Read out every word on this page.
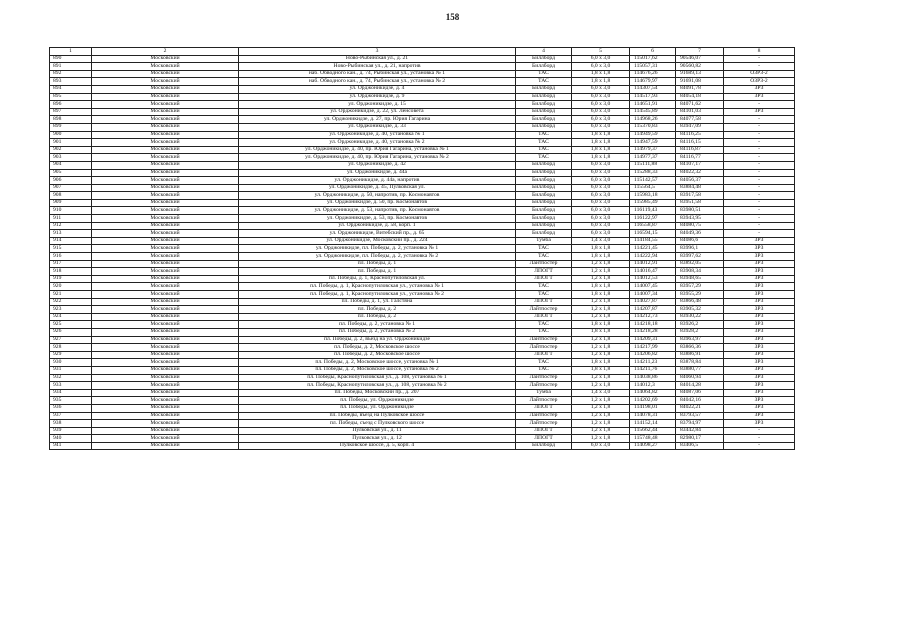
158
1	2	3	4	5	6	7	8
890	Московский	Ново-Рыбинская ул., д. 21	Биллборд	6,0 х 3,0	115017,62	90546,07	-
891	Московский	Ново-Рыбинская ул., д. 21, напротив	Биллборд	6,0 х 3,0	115057,31	90560,82	-
892	Московский	наб. Обводного кан., д. 74, Рыбинская ул., установка № 1	ТАС	1,8 х 1,8	114676,26	91689,13	ОЗРЗ-2
893	Московский	наб. Обводного кан., д. 74, Рыбинская ул., установка № 2	ТАС	1,8 х 1,8	114679,97	91691,08	ОЗРЗ-2
894	Московский	ул. Орджоникидзе, д. 4	Биллборд	6,0 х 3,0	114307,54	84091,78	ЗРЗ
895	Московский	ул. Орджоникидзе, д. 9	Биллборд	6,0 х 3,0	114517,93	84054,18	ЗРЗ
896	Московский	ул. Орджоникидзе, д. 15	Биллборд	6,0 х 3,0	114651,91	84071,62	-
897	Московский	ул. Орджоникидзе, д. 22, ул. Ленсовета	Биллборд	6,0 х 3,0	114545,89	84101,03	ЗРЗ
898	Московский	ул. Орджоникидзе, д. 27, пр. Юрия Гагарина	Биллборд	6,0 х 3,0	114968,26	84077,58	-
899	Московский	ул. Орджоникидзе, д. 33	Биллборд	6,0 х 3,0	115370,83	83947,09	-
900	Московский	ул. Орджоникидзе, д. 40, установка № 1	ТАС	1,8 х 1,8	114949,59	84116,25	-
901	Московский	ул. Орджоникидзе, д. 40, установка № 2	ТАС	1,8 х 1,8	114947,59	84116,15	-
902	Московский	ул. Орджоникидзе, д. 40, пр. Юрия Гагарина, установка № 1	ТАС	1,8 х 1,8	114979,37	84116,87	-
903	Московский	ул. Орджоникидзе, д. 40, пр. Юрия Гагарина, установка № 2	ТАС	1,8 х 1,8	114977,37	84116,77	-
904	Московский	ул. Орджоникидзе, д. 42	Биллборд	6,0 х 3,0	115111,88	84107,17	-
905	Московский	ул. Орджоникидзе, д. 44а	Биллборд	6,0 х 3,0	115288,33	84022,32	-
906	Московский	ул. Орджоникидзе, д. 44а, напротив	Биллборд	6,0 х 3,0	115142,57	84056,37	-
907	Московский	ул. Орджоникидзе, д. 45, Пулковская ул.	Биллборд	6,0 х 3,0	115564,5	83884,48	-
908	Московский	ул. Орджоникидзе, д. 50, напротив, пр. Космонавтов	Биллборд	6,0 х 3,0	115983,18	83917,58	-
909	Московский	ул. Орджоникидзе, д. 50, пр. Космонавтов	Биллборд	6,0 х 3,0	115985,49	83951,58	-
910	Московский	ул. Орджоникидзе, д. 53, напротив, пр. Космонавтов	Биллборд	6,0 х 3,0	116119,43	83980,51	-
911	Московский	ул. Орджоникидзе, д. 53, пр. Космонавтов	Биллборд	6,0 х 3,0	116122,97	83943,95	-
912	Московский	ул. Орджоникидзе, д. 58, корп. 1	Биллборд	6,0 х 3,0	116558,87	84080,75	-
913	Московский	ул. Орджоникидзе, Витебский пр., д. 65	Биллборд	6,0 х 3,0	116594,15	84049,36	-
914	Московский	ул. Орджоникидзе, Московский пр., д. 224	Тумба	1,4 х 3,0	114184,55	84086,6	ЗРЗ
915	Московский	ул. Орджоникидзе, пл. Победы, д. 2, установка № 1	ТАС	1,8 х 1,8	114221,45	83996,1	ЗРЗ
916	Московский	ул. Орджоникидзе, пл. Победы, д. 2, установка № 2	ТАС	1,8 х 1,8	114222,94	83997,62	ЗРЗ
917	Московский	пл. Победы, д. 1	Лайтпостер	1,2 х 1,8	114012,91	83892,05	ЗРЗ
918	Московский	пл. Победы, д. 1	ЛПОГТ	1,2 х 1,8	114016,47	83908,34	ЗРЗ
919	Московский	пл. Победы, д. 1, Краснопутиловская ул.	ЛПОГТ	1,2 х 1,8	114012,53	83948,65	ЗРЗ
920	Московский	пл. Победы, д. 1, Краснопутиловская ул., установка № 1	ТАС	1,8 х 1,8	114007,45	83957,29	ЗРЗ
921	Московский	пл. Победы, д. 1, Краснопутиловская ул., установка № 2	ТАС	1,8 х 1,8	114007,34	83955,29	ЗРЗ
922	Московский	пл. Победы, д. 1, ул. Галстяна	ЛПОГТ	1,2 х 1,8	114027,87	83866,48	ЗРЗ
923	Московский	пл. Победы, д. 2	Лайтпостер	1,2 х 1,8	114207,87	83905,32	ЗРЗ
924	Московский	пл. Победы, д. 2	ЛПОГТ	1,2 х 1,8	114212,73	83930,22	ЗРЗ
925	Московский	пл. Победы, д. 2, установка № 1	ТАС	1,8 х 1,8	114218,18	83926,2	ЗРЗ
926	Московский	пл. Победы, д. 2, установка № 2	ТАС	1,8 х 1,8	114218,28	83928,2	ЗРЗ
927	Московский	пл. Победы, д. 2, въезд на ул. Орджоникидзе	Лайтпостер	1,2 х 1,8	114209,31	83963,97	ЗРЗ
928	Московский	пл. Победы, д. 2, Московское шоссе	Лайтпостер	1,2 х 1,8	114217,99	83866,36	ЗРЗ
929	Московский	пл. Победы, д. 2, Московское шоссе	ЛПОГТ	1,2 х 1,8	114206,82	83886,91	ЗРЗ
930	Московский	пл. Победы, д. 2, Московское шоссе, установка № 1	ТАС	1,8 х 1,8	114211,23	83878,84	ЗРЗ
931	Московский	пл. Победы, д. 2, Московское шоссе, установка № 2	ТАС	1,8 х 1,8	114211,76	83880,77	ЗРЗ
932	Московский	пл. Победы, Краснопутиловская ул., д. 108, установка № 1	Лайтпостер	1,2 х 1,8	114038,86	84060,94	ЗРЗ
933	Московский	пл. Победы, Краснопутиловская ул., д. 108, установка № 2	Лайтпостер	1,2 х 1,8	114012,3	84014,28	ЗРЗ
934	Московский	пл. Победы, Московский пр., д. 207	Тумба	1,4 х 3,0	114064,82	84087,06	ЗРЗ
935	Московский	пл. Победы, ул. Орджоникидзе	Лайтпостер	1,2 х 1,8	114202,69	84042,16	ЗРЗ
936	Московский	пл. Победы, ул. Орджоникидзе	ЛПОГТ	1,2 х 1,8	114198,01	84022,21	ЗРЗ
937	Московский	пл. Победы, въезд на Пулковское шоссе	Лайтпостер	1,2 х 1,8	114078,31	83793,57	ЗРЗ
938	Московский	пл. Победы, съезд с Пулковского шоссе	Лайтпостер	1,2 х 1,8	114152,14	83794,97	ЗРЗ
939	Московский	Пулковская ул., д. 11	ЛПОГТ	1,2 х 1,8	115662,44	83442,84	-
940	Московский	Пулковская ул., д. 12	ЛПОГТ	1,2 х 1,8	115748,48	82980,17	-
941	Московский	Пулковское шоссе, д. 5, корп. 4	Биллборд	6,0 х 3,0	114098,27	83406,5	-
